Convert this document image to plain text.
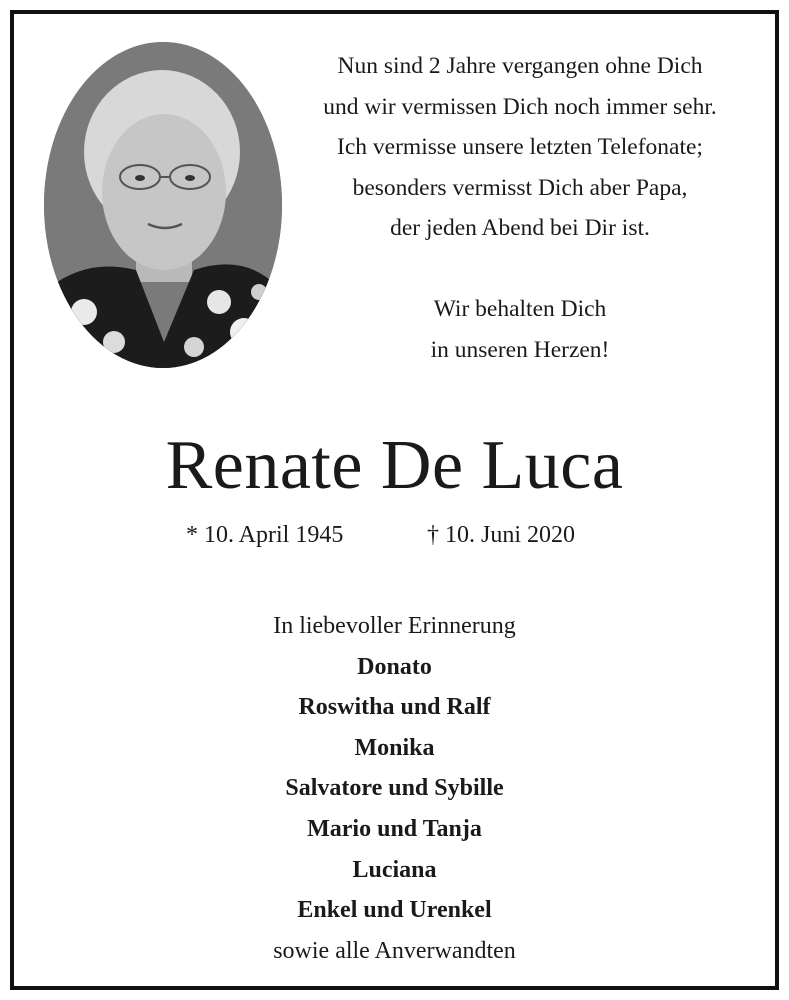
Nun sind 2 Jahre vergangen ohne Dich
und wir vermissen Dich noch immer sehr.
Ich vermisse unsere letzten Telefonate;
besonders vermisst Dich aber Papa,
der jeden Abend bei Dir ist.
Wir behalten Dich
in unseren Herzen!
Renate De Luca
* 10. April 1945	† 10. Juni 2020
In liebevoller Erinnerung
Donato
Roswitha und Ralf
Monika
Salvatore und Sybille
Mario und Tanja
Luciana
Enkel und Urenkel
sowie alle Anverwandten
